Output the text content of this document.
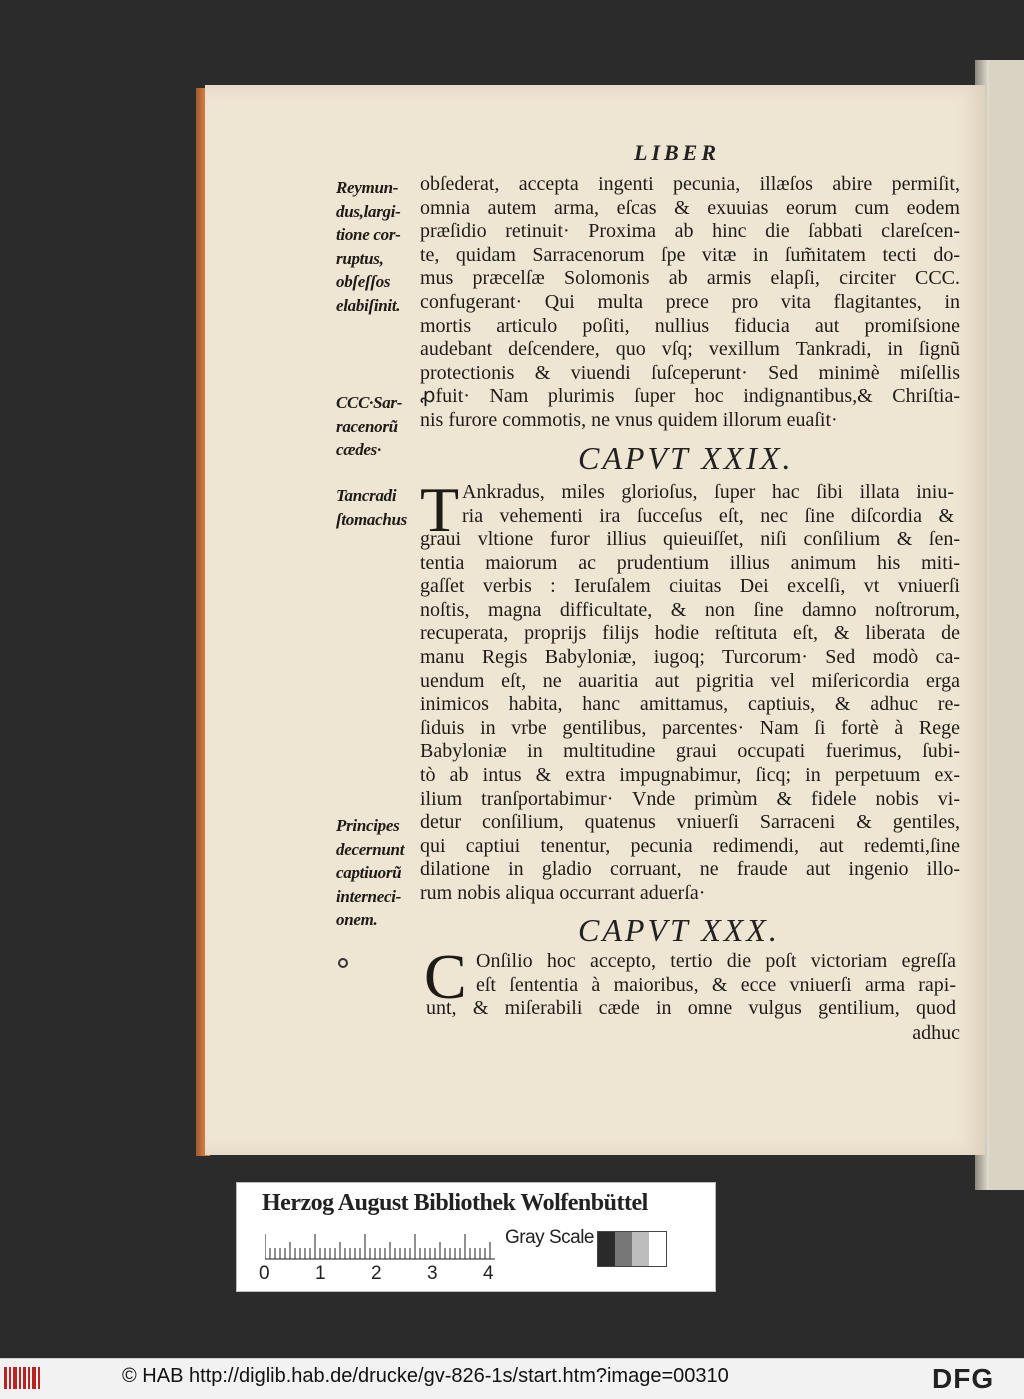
LIBER
obſederat, accepta ingenti pecunia, illæſos abire permiſit,
omnia autem arma, eſcas & exuuias eorum cum eodem
præſidio retinuit· Proxima ab hinc die ſabbati clareſcen-
te, quidam Sarracenorum ſpe vitæ in ſum̃itatem tecti do-
mus præcelſæ Solomonis ab armis elapſi, circiter CCC.
confugerant· Qui multa prece pro vita flagitantes, in
mortis articulo poſiti, nullius fiducia aut promiſsione
audebant deſcendere, quo vſq; vexillum Tankradi, in ſignũ
protectionis & viuendi ſuſceperunt· Sed minimè miſellis
ꝓfuit· Nam plurimis ſuper hoc indignantibus,& Chriſtia-
nis furore commotis, ne vnus quidem illorum euaſit·
Reymun-
dus,largi-
tione cor-
ruptus,
obſeſſos
elabiſinit.
CCC·Sar-
racenorũ
cædes·	CAPVT XXIX.
T Ankradus, miles glorioſus, ſuper hac ſibi illata iniu-
ria vehementi ira ſucceſus eſt, nec ſine diſcordia &
graui vltione furor illius quieuiſſet, niſi conſilium & ſen-
tentia maiorum ac prudentium illius animum his miti-
gaſſet verbis : Ieruſalem ciuitas Dei excelſi, vt vniuerſi
noſtis, magna difficultate, & non ſine damno noſtrorum,
recuperata, proprijs filijs hodie reſtituta eſt, & liberata de
manu Regis Babyloniæ, iugoq; Turcorum· Sed modò ca-
uendum eſt, ne auaritia aut pigritia vel miſericordia erga
inimicos habita, hanc amittamus, captiuis, & adhuc re-
ſiduis in vrbe gentilibus, parcentes· Nam ſi fortè à Rege
Babyloniæ in multitudine graui occupati fuerimus, ſubi-
tò ab intus & extra impugnabimur, ſicq; in perpetuum ex-
ilium tranſportabimur· Vnde primùm & fidele nobis vi-
detur conſilium, quatenus vniuerſi Sarraceni & gentiles,
qui captiui tenentur, pecunia redimendi, aut redemti,ſine
dilatione in gladio corruant, ne fraude aut ingenio illo-
rum nobis aliqua occurrant aduerſa·
Tancradi
ſtomachus
Principes
decernunt
captiuorũ
interneci-
onem.	CAPVT XXX.
C Onſilio hoc accepto, tertio die poſt victoriam egreſſa
eſt ſententia à maioribus, & ecce vniuerſi arma rapi-
unt, & miſerabili cæde in omne vulgus gentilium, quod
adhuc
Herzog August Bibliothek Wolfenbüttel
0 1 2 3 4
Gray Scale
© HAB http://diglib.hab.de/drucke/gv-826-1s/start.htm?image=00310	DFG
